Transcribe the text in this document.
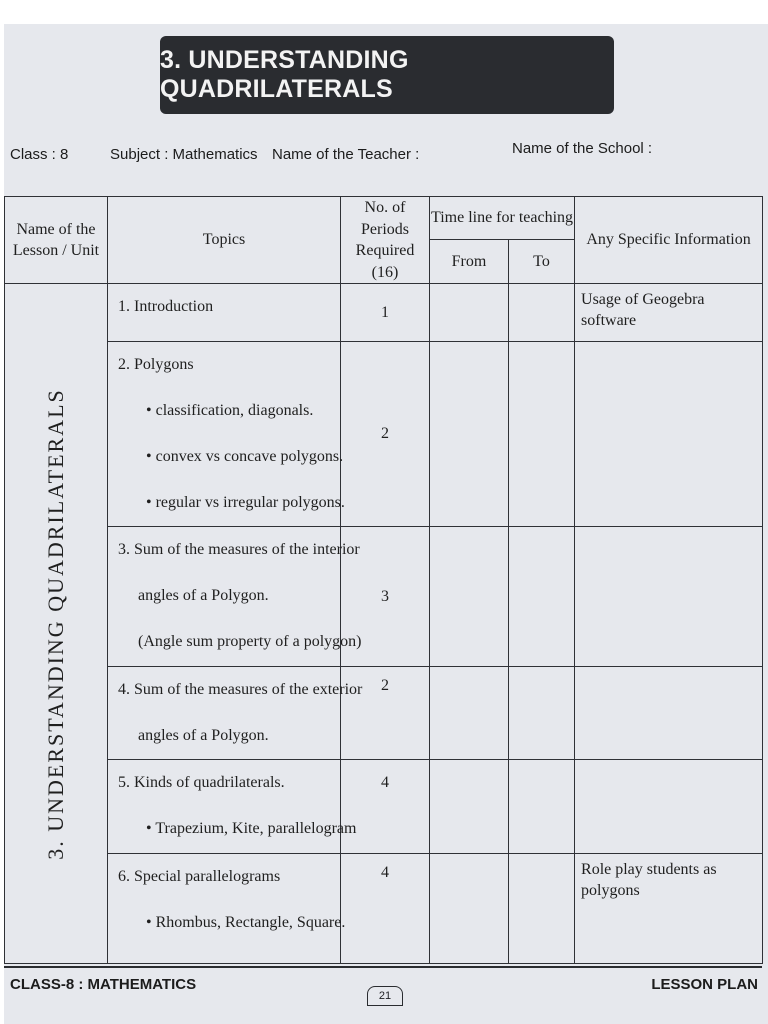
3. UNDERSTANDING QUADRILATERALS
Class : 8	Subject : Mathematics Name of the Teacher :	Name of the School :
Name of the Lesson / Unit	Topics	No. of Periods Required (16)	Time line for teaching		Any Specific Information
			From	To	

3. UNDERSTANDING QUADRILATERALS	1. Introduction	1			Usage of Geogebra software

	2. Polygons
• classification, diagonals.
• convex vs concave polygons.
• regular vs irregular polygons.	2			

	3. Sum of the measures of the interior
angles of a Polygon.
(Angle sum property of a polygon)	3			

	4. Sum of the measures of the exterior
angles of a Polygon.	2			

	5. Kinds of quadrilaterals.
• Trapezium, Kite, parallelogram	4			

	6. Special parallelograms
• Rhombus, Rectangle, Square.	4			Role play students as polygons
CLASS-8 : MATHEMATICS
21
LESSON PLAN
